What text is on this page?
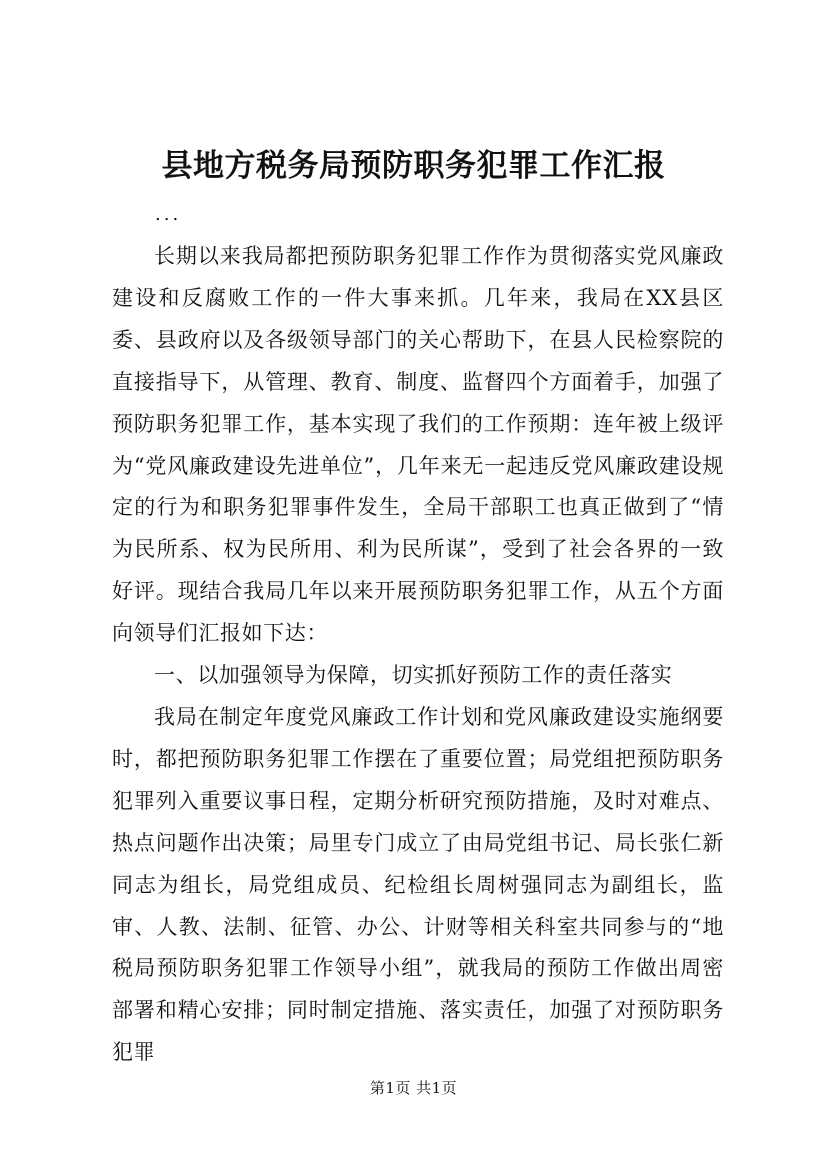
县地方税务局预防职务犯罪工作汇报
...

长期以来我局都把预防职务犯罪工作作为贯彻落实党风廉政建设和反腐败工作的一件大事来抓。几年来，我局在XX县区委、县政府以及各级领导部门的关心帮助下，在县人民检察院的直接指导下，从管理、教育、制度、监督四个方面着手，加强了预防职务犯罪工作，基本实现了我们的工作预期：连年被上级评为“党风廉政建设先进单位”，几年来无一起违反党风廉政建设规定的行为和职务犯罪事件发生，全局干部职工也真正做到了“情为民所系、权为民所用、利为民所谋”，受到了社会各界的一致好评。现结合我局几年以来开展预防职务犯罪工作，从五个方面向领导们汇报如下达：

一、以加强领导为保障，切实抓好预防工作的责任落实

我局在制定年度党风廉政工作计划和党风廉政建设实施纲要时，都把预防职务犯罪工作摆在了重要位置；局党组把预防职务犯罪列入重要议事日程，定期分析研究预防措施，及时对难点、热点问题作出决策；局里专门成立了由局党组书记、局长张仁新同志为组长，局党组成员、纪检组长周树强同志为副组长，监审、人教、法制、征管、办公、计财等相关科室共同参与的“地税局预防职务犯罪工作领导小组”，就我局的预防工作做出周密部署和精心安排；同时制定措施、落实责任，加强了对预防职务犯罪

第1页 共1页
